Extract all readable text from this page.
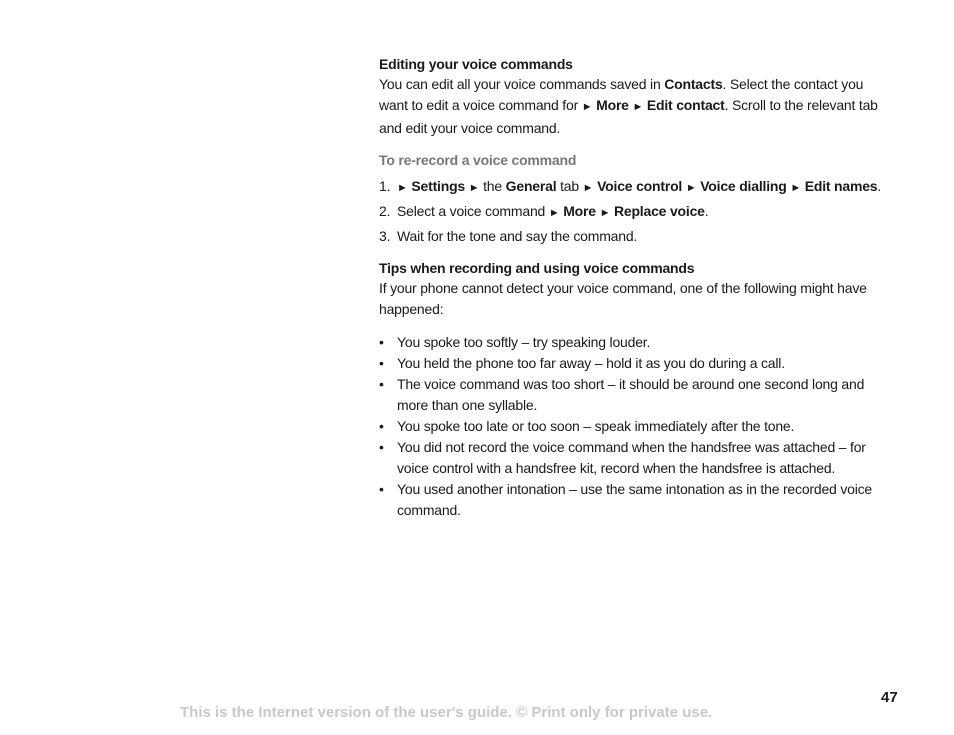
Editing your voice commands

You can edit all your voice commands saved in Contacts. Select the contact you want to edit a voice command for ► More ► Edit contact. Scroll to the relevant tab and edit your voice command.

To re-record a voice command
1. ► Settings ► the General tab ► Voice control ► Voice dialling ► Edit names.
2. Select a voice command ► More ► Replace voice.
3. Wait for the tone and say the command.
Tips when recording and using voice commands

If your phone cannot detect your voice command, one of the following might have happened:

• You spoke too softly – try speaking louder.
• You held the phone too far away – hold it as you do during a call.
• The voice command was too short – it should be around one second long and more than one syllable.
• You spoke too late or too soon – speak immediately after the tone.
• You did not record the voice command when the handsfree was attached – for voice control with a handsfree kit, record when the handsfree is attached.
• You used another intonation – use the same intonation as in the recorded voice command.
47
This is the Internet version of the user's guide. © Print only for private use.
